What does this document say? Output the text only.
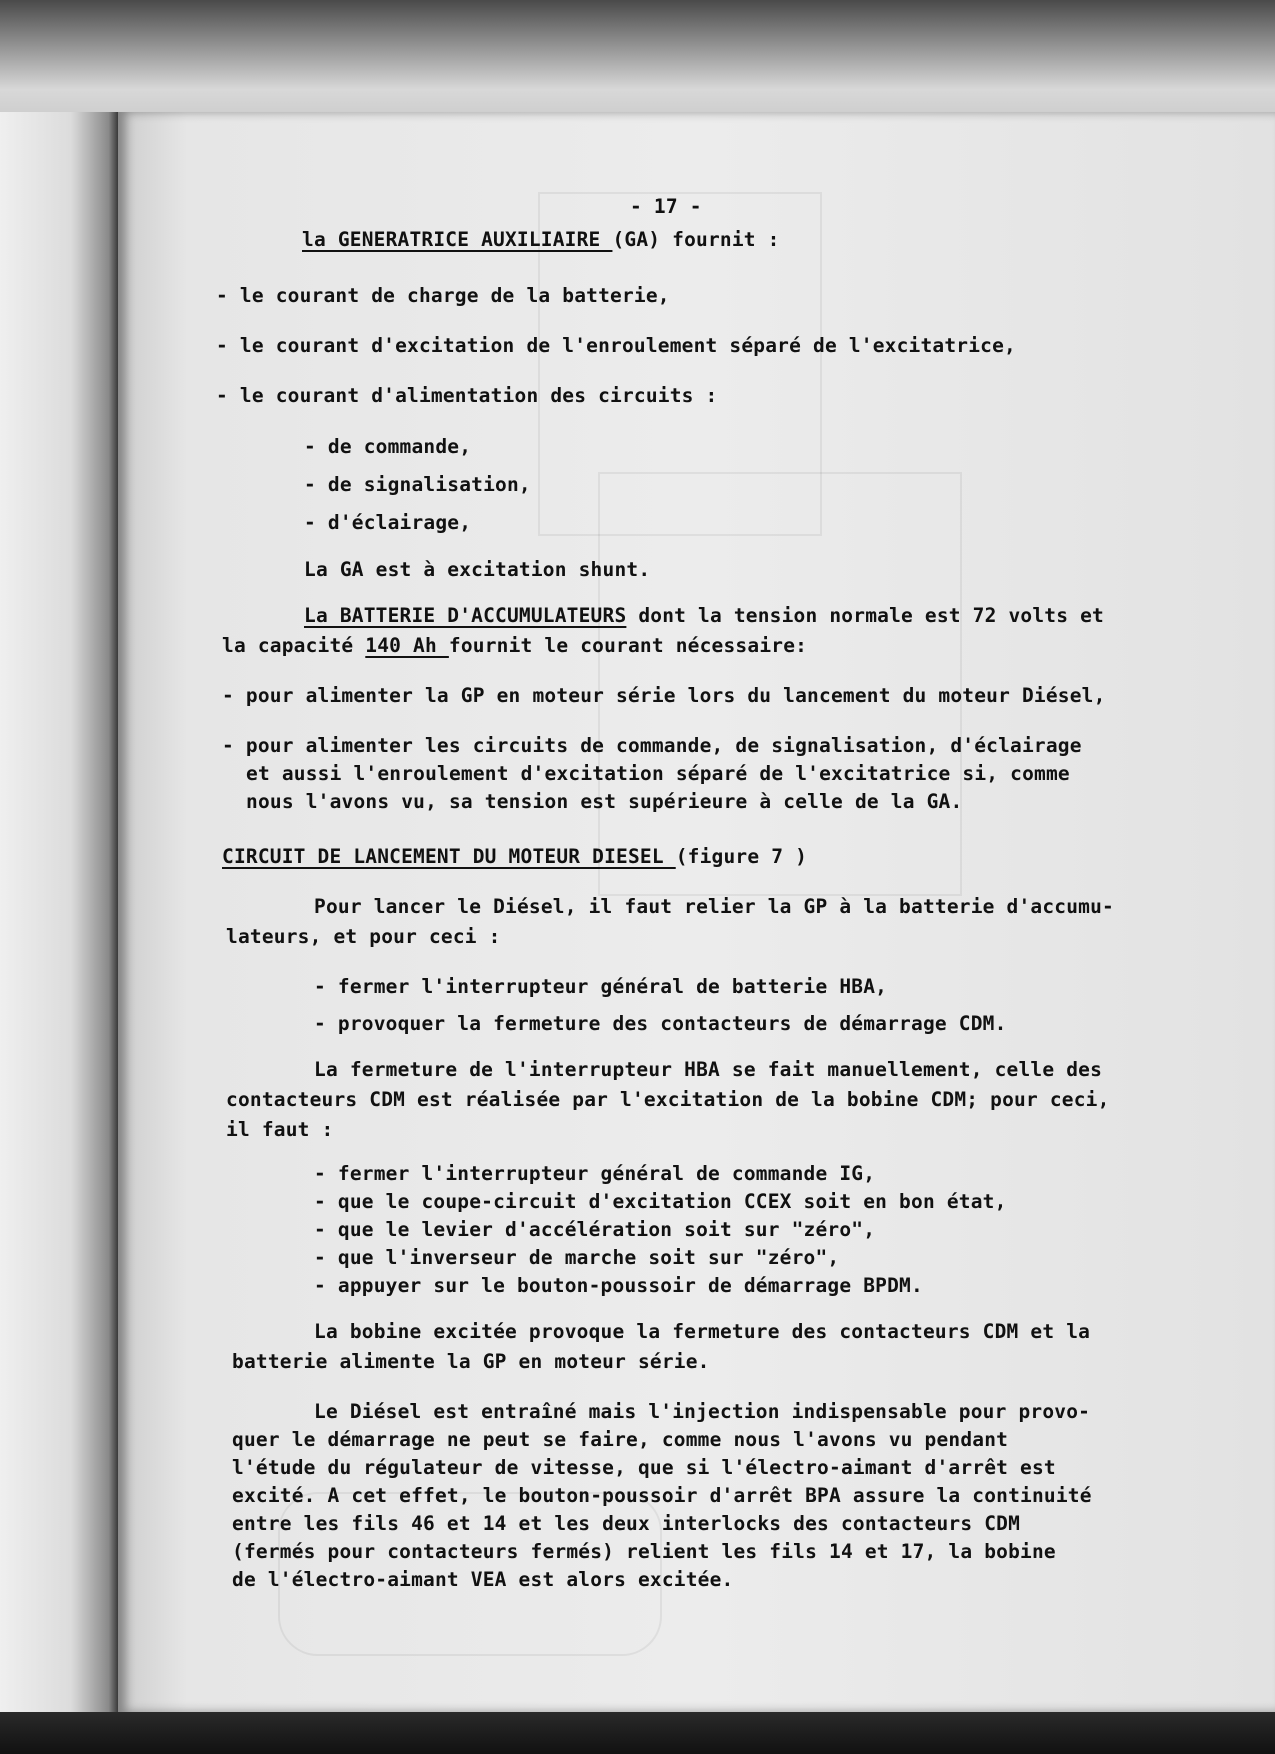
- 17 -
la GENERATRICE AUXILIAIRE (GA) fournit :
- le courant de charge de la batterie,
- le courant d'excitation de l'enroulement séparé de l'excitatrice,
- le courant d'alimentation des circuits :
- de commande,
- de signalisation,
- d'éclairage,
La GA est à excitation shunt.
La BATTERIE D'ACCUMULATEURS dont la tension normale est 72 volts et
la capacité 140 Ah fournit le courant nécessaire:
- pour alimenter la GP en moteur série lors du lancement du moteur Diésel,
- pour alimenter les circuits de commande, de signalisation, d'éclairage
et aussi l'enroulement d'excitation séparé de l'excitatrice si, comme
nous l'avons vu, sa tension est supérieure à celle de la GA.
CIRCUIT DE LANCEMENT DU MOTEUR DIESEL (figure 7 )
Pour lancer le Diésel, il faut relier la GP à la batterie d'accumu-
lateurs, et pour ceci :
- fermer l'interrupteur général de batterie HBA,
- provoquer la fermeture des contacteurs de démarrage CDM.
La fermeture de l'interrupteur HBA se fait manuellement, celle des
contacteurs CDM est réalisée par l'excitation de la bobine CDM; pour ceci,
il faut :
- fermer l'interrupteur général de commande IG,
- que le coupe-circuit d'excitation CCEX soit en bon état,
- que le levier d'accélération soit sur "zéro",
- que l'inverseur de marche soit sur "zéro",
- appuyer sur le bouton-poussoir de démarrage BPDM.
La bobine excitée provoque la fermeture des contacteurs CDM et la
batterie alimente la GP en moteur série.
Le Diésel est entraîné mais l'injection indispensable pour provo-
quer le démarrage ne peut se faire, comme nous l'avons vu pendant
l'étude du régulateur de vitesse, que si l'électro-aimant d'arrêt est
excité. A cet effet, le bouton-poussoir d'arrêt BPA assure la continuité
entre les fils 46 et 14 et les deux interlocks des contacteurs CDM
(fermés pour contacteurs fermés) relient les fils 14 et 17, la bobine
de l'électro-aimant VEA est alors excitée.
